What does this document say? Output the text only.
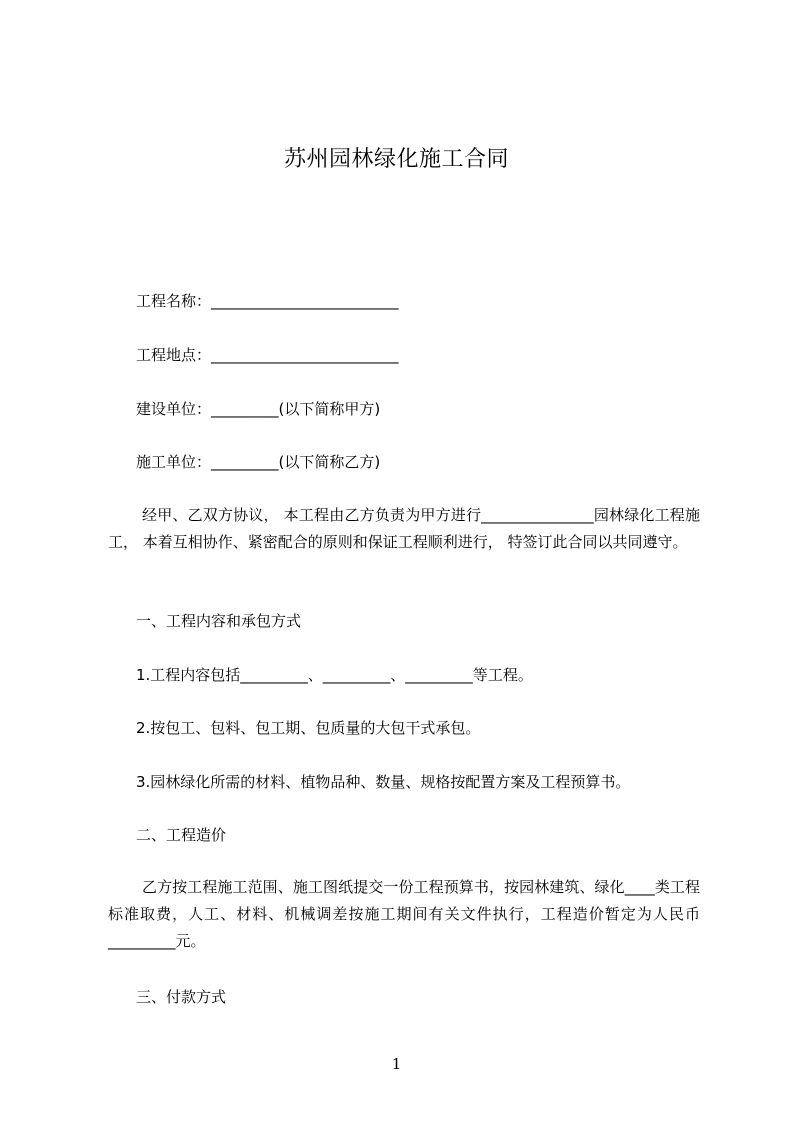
苏州园林绿化施工合同
工程名称：_________________________
工程地点：_________________________
建设单位：_________(以下简称甲方)
施工单位：_________(以下简称乙方)
经甲、乙双方协议， 本工程由乙方负责为甲方进行_______________园林绿化工程施工， 本着互相协作、紧密配合的原则和保证工程顺利进行， 特签订此合同以共同遵守。
一、工程内容和承包方式
1.工程内容包括_________、_________、_________等工程。
2.按包工、包料、包工期、包质量的大包干式承包。
3.园林绿化所需的材料、植物品种、数量、规格按配置方案及工程预算书。
二、工程造价
乙方按工程施工范围、施工图纸提交一份工程预算书，按园林建筑、绿化____类工程标准取费，人工、材料、机械调差按施工期间有关文件执行，工程造价暂定为人民币_________元。
三、付款方式
1
